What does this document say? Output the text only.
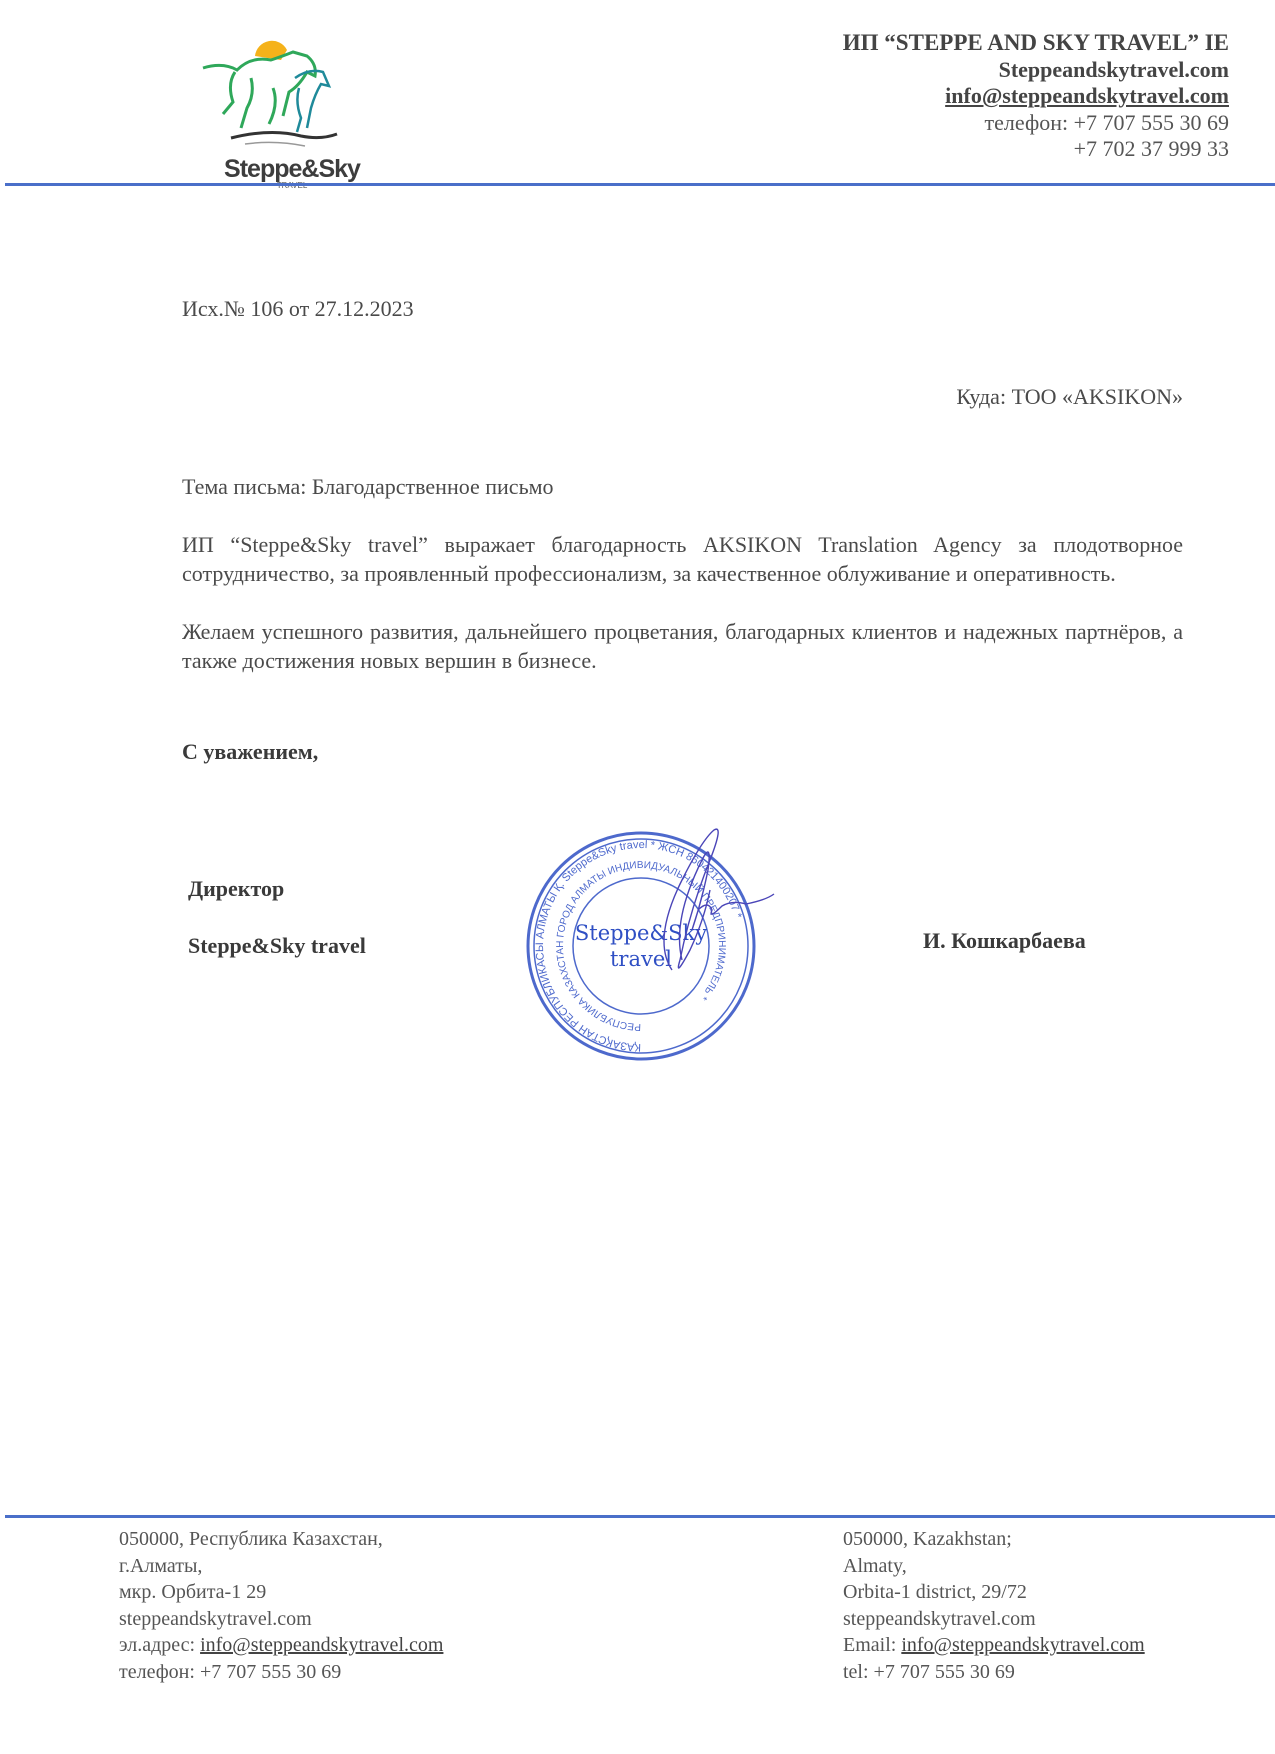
Steppe&Sky
ИП “STEPPE AND SKY TRAVEL” IE
Steppeandskytravel.com
info@steppeandskytravel.com
телефон: +7 707 555 30 69
+7 702 37 999 33
Исх.№ 106 от 27.12.2023
Куда: ТОО «AKSIKON»
Тема письма: Благодарственное письмо
ИП “Steppe&Sky travel” выражает благодарность AKSIKON Translation Agency за плодотворное сотрудничество, за проявленный профессионализм, за качественное облуживание и оперативность.
Желаем успешного развития, дальнейшего процветания, благодарных клиентов и надежных партнёров, а также достижения новых вершин в бизнесе.
С уважением,
Директор
Steppe&Sky travel	И. Кошкарбаева
ҚАЗАҚСТАН РЕСПУБЛИКАСЫ АЛМАТЫ Қ. Steppe&Sky travel * ЖСН 860421400207 *
РЕСПУБЛИКА КАЗАХСТАН ГОРОД АЛМАТЫ ИНДИВИДУАЛЬНЫЙ ПРЕДПРИНИМАТЕЛЬ *
Steppe&Sky
travel
050000, Республика Казахстан,
г.Алматы,
мкр. Орбита-1 29
steppeandskytravel.com
эл.адрес: info@steppeandskytravel.com
телефон: +7 707 555 30 69
050000, Kazakhstan;
Almaty,
Orbita-1 district, 29/72
steppeandskytravel.com
Email: info@steppeandskytravel.com
tel: +7 707 555 30 69
